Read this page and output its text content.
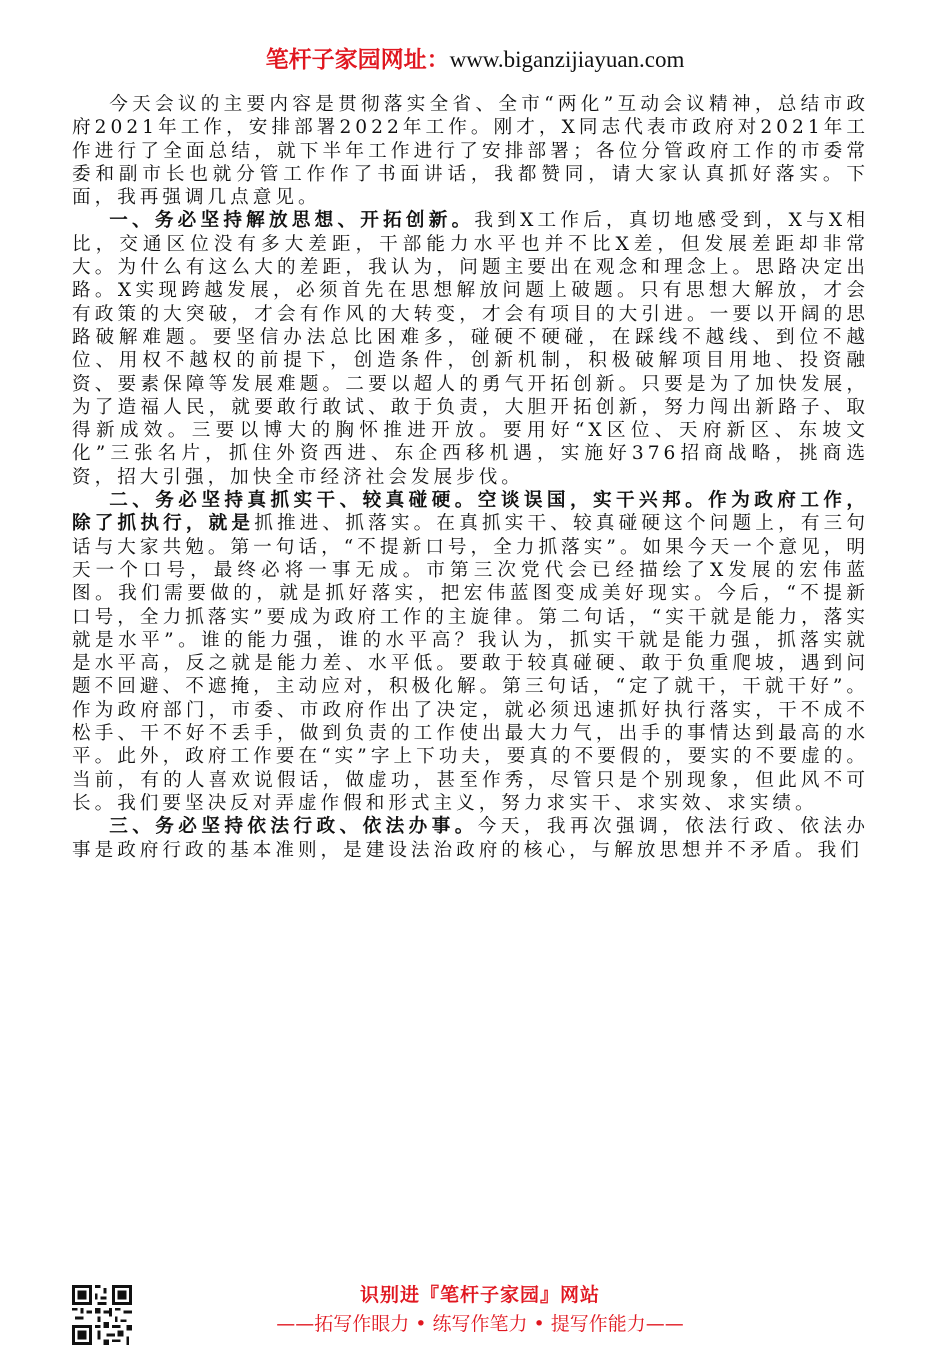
笔杆子家园网址：www.biganzijiayuan.com

今天会议的主要内容是贯彻落实全省、全市“两化”互动会议精神，总结市政府2021年工作，安排部署2022年工作。刚才，X同志代表市政府对2021年工作进行了全面总结，就下半年工作进行了安排部署；各位分管政府工作的市委常委和副市长也就分管工作作了书面讲话，我都赞同，请大家认真抓好落实。下面，我再强调几点意见。

一、务必坚持解放思想、开拓创新。我到X工作后，真切地感受到，X与X相比，交通区位没有多大差距，干部能力水平也并不比X差，但发展差距却非常大。为什么有这么大的差距，我认为，问题主要出在观念和理念上。思路决定出路。X实现跨越发展，必须首先在思想解放问题上破题。只有思想大解放，才会有政策的大突破，才会有作风的大转变，才会有项目的大引进。一要以开阔的思路破解难题。要坚信办法总比困难多，碰硬不硬碰，在踩线不越线、到位不越位、用权不越权的前提下，创造条件，创新机制，积极破解项目用地、投资融资、要素保障等发展难题。二要以超人的勇气开拓创新。只要是为了加快发展，为了造福人民，就要敢行敢试、敢于负责，大胆开拓创新，努力闯出新路子、取得新成效。三要以博大的胸怀推进开放。要用好“X区位、天府新区、东坡文化”三张名片，抓住外资西进、东企西移机遇，实施好376招商战略，挑商选资，招大引强，加快全市经济社会发展步伐。

二、务必坚持真抓实干、较真碰硬。空谈误国，实干兴邦。作为政府工作，除了抓执行，就是抓推进、抓落实。在真抓实干、较真碰硬这个问题上，有三句话与大家共勉。第一句话，“不提新口号，全力抓落实”。如果今天一个意见，明天一个口号，最终必将一事无成。市第三次党代会已经描绘了X发展的宏伟蓝图。我们需要做的，就是抓好落实，把宏伟蓝图变成美好现实。今后，“不提新口号，全力抓落实”要成为政府工作的主旋律。第二句话，“实干就是能力，落实就是水平”。谁的能力强，谁的水平高？我认为，抓实干就是能力强，抓落实就是水平高，反之就是能力差、水平低。要敢于较真碰硬、敢于负重爬坡，遇到问题不回避、不遮掩，主动应对，积极化解。第三句话，“定了就干，干就干好”。作为政府部门，市委、市政府作出了决定，就必须迅速抓好执行落实，干不成不松手、干不好不丢手，做到负责的工作使出最大力气，出手的事情达到最高的水平。此外，政府工作要在“实”字上下功夫，要真的不要假的，要实的不要虚的。当前，有的人喜欢说假话，做虚功，甚至作秀，尽管只是个别现象，但此风不可长。我们要坚决反对弄虚作假和形式主义，努力求实干、求实效、求实绩。

三、务必坚持依法行政、依法办事。今天，我再次强调，依法行政、依法办事是政府行政的基本准则，是建设法治政府的核心，与解放思想并不矛盾。我们

识别进『笔杆子家园』网站
——拓写作眼力 • 练写作笔力 • 提写作能力——
